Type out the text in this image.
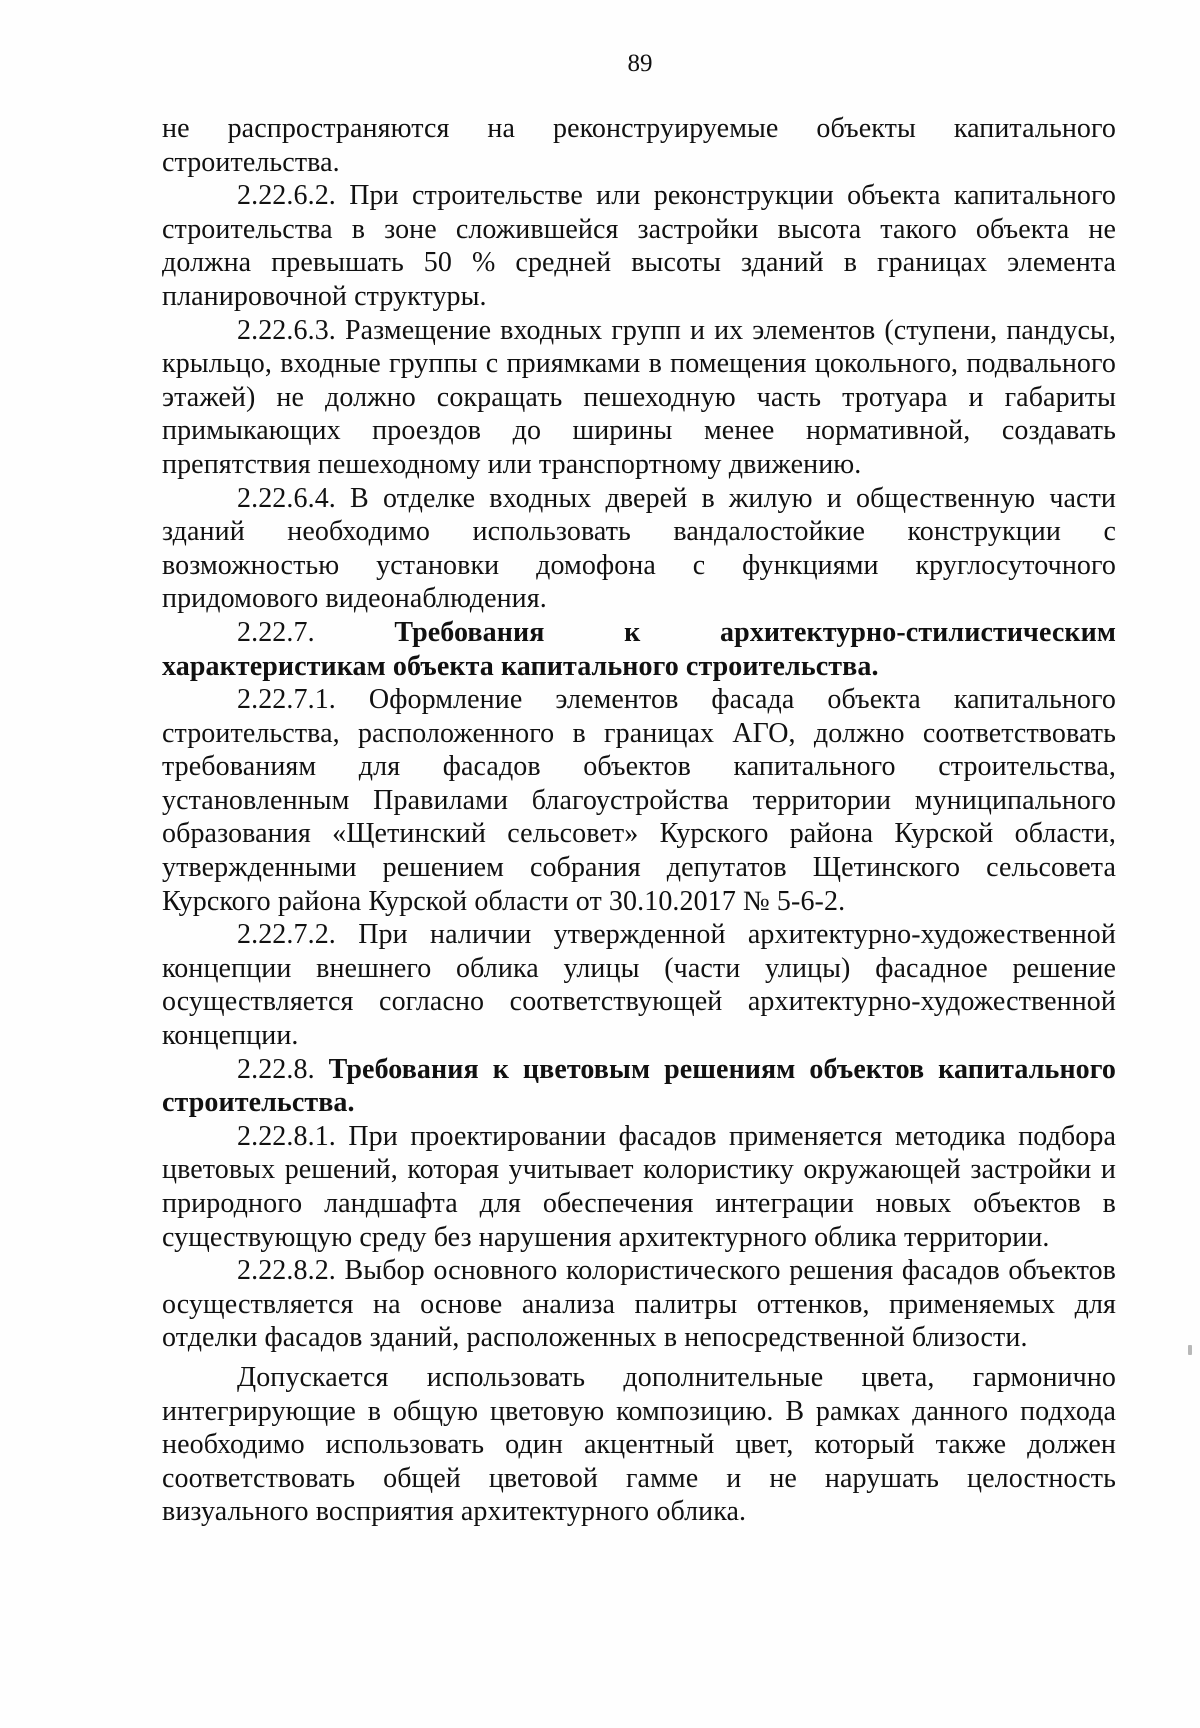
89

не распространяются на реконструируемые объекты капитального строительства.

2.22.6.2. При строительстве или реконструкции объекта капитального строительства в зоне сложившейся застройки высота такого объекта не должна превышать 50 % средней высоты зданий в границах элемента планировочной структуры.

2.22.6.3. Размещение входных групп и их элементов (ступени, пандусы, крыльцо, входные группы с приямками в помещения цокольного, подвального этажей) не должно сокращать пешеходную часть тротуара и габариты примыкающих проездов до ширины менее нормативной, создавать препятствия пешеходному или транспортному движению.

2.22.6.4. В отделке входных дверей в жилую и общественную части зданий необходимо использовать вандалостойкие конструкции с возможностью установки домофона с функциями круглосуточного придомового видеонаблюдения.

2.22.7.	Требования к архитектурно-стилистическим характеристикам объекта капитального строительства.

2.22.7.1. Оформление элементов фасада объекта капитального строительства, расположенного в границах АГО, должно соответствовать требованиям для фасадов объектов капитального строительства, установленным Правилами благоустройства территории муниципального образования «Щетинский сельсовет» Курского района Курской области, утвержденными решением собрания депутатов Щетинского сельсовета Курского района Курской области от 30.10.2017 № 5-6-2.

2.22.7.2. При наличии утвержденной архитектурно-художественной концепции внешнего облика улицы (части улицы) фасадное решение осуществляется согласно соответствующей архитектурно-художественной концепции.

2.22.8. Требования к цветовым решениям объектов капитального строительства.

2.22.8.1. При проектировании фасадов применяется методика подбора цветовых решений, которая учитывает колористику окружающей застройки и природного ландшафта для обеспечения интеграции новых объектов в существующую среду без нарушения архитектурного облика территории.

2.22.8.2. Выбор основного колористического решения фасадов объектов осуществляется на основе анализа палитры оттенков, применяемых для отделки фасадов зданий, расположенных в непосредственной близости.

Допускается использовать дополнительные цвета, гармонично интегрирующие в общую цветовую композицию. В рамках данного подхода необходимо использовать один акцентный цвет, который также должен соответствовать общей цветовой гамме и не нарушать целостность визуального восприятия архитектурного облика.
